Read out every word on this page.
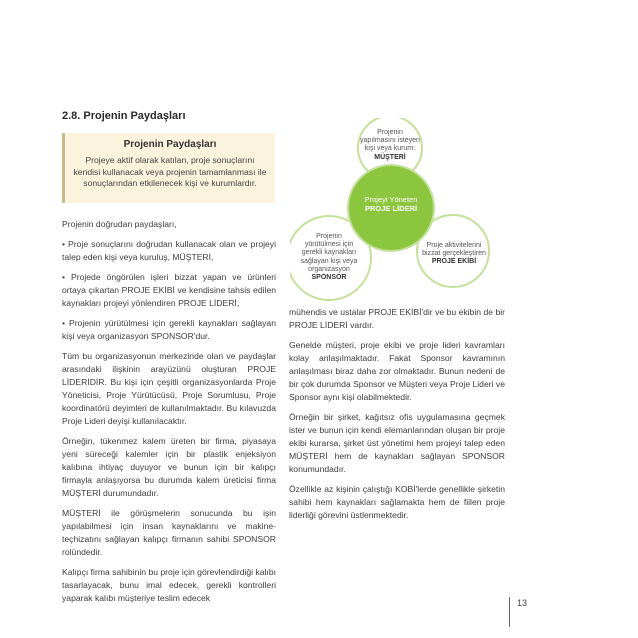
2.8. Projenin Paydaşları

Projenin Paydaşları

Projeye aktif olarak katılan, proje sonuçlarını kendisi kullanacak veya projenin tamamlanması ile sonuçlarından etkilenecek kişi ve kurumlardır.

Projenin yapılmasını isteyen kişi veya kurum:
MÜŞTERİ
Projeyi Yöneten
PROJE LİDERİ
Projenin yürütülmesi için gerekli kaynakları sağlayan kişi veya organizasyon
SPONSOR
Proje aktivitelerini bizzat gerçekleştiren
PROJE EKİBİ

Projenin doğrudan paydaşları,

• Proje sonuçlarını doğrudan kullanacak olan ve projeyi talep eden kişi veya kuruluş, MÜŞTERİ,

• Projede öngörülen işleri bizzat yapan ve ürünleri ortaya çıkartan PROJE EKİBİ ve kendisine tahsis edilen kaynakları projeyi yönlendiren PROJE LİDERİ,

• Projenin yürütülmesi için gerekli kaynakları sağlayan kişi veya organizasyon SPONSOR'dur.

Tüm bu organizasyonun merkezinde olan ve paydaşlar arasındaki ilişkinin arayüzünü oluşturan PROJE LİDERİDİR. Bu kişi için çeşitli organizasyonlarda Proje Yöneticisi, Proje Yürütücüsü, Proje Sorumlusu, Proje koordinatörü deyimleri de kullanılmaktadır. Bu kılavuzda Proje Lideri deyişi kullanılacaktır.

Örneğin, tükenmez kalem üreten bir firma, piyasaya yeni süreceği kalemler için bir plastik enjeksiyon kalıbına ihtiyaç duyuyor ve bunun için bir kalıpçı firmayla anlaşıyorsa bu durumda kalem üreticisi firma MÜŞTERİ durumundadır.

MÜŞTERİ ile görüşmelerin sonucunda bu işin yapılabilmesi için insan kaynaklarını ve makine-teçhizatını sağlayan kalıpçı firmanın sahibi SPONSOR rolündedir.

Kalıpçı firma sahibinin bu proje için görevlendirdiği kalıbı tasarlayacak, bunu imal edecek, gerekli kontrolleri yaparak kalıbı müşteriye teslim edecek

mühendis ve ustalar PROJE EKİBİ'dir ve bu ekibin de bir PROJE LİDERİ vardır.

Genelde müşteri, proje ekibi ve proje lideri kavramları kolay anlaşılmaktadır. Fakat Sponsor kavramının anlaşılması biraz daha zor olmaktadır. Bunun nedeni de bir çok durumda Sponsor ve Müşteri veya Proje Lideri ve Sponsor aynı kişi olabilmektedir.

Örneğin bir şirket, kağıtsız ofis uygulamasına geçmek ister ve bunun için kendi elemanlarından oluşan bir proje ekibi kurarsa, şirket üst yönetimi hem projeyi talep eden MÜŞTERİ hem de kaynakları sağlayan SPONSOR konumundadır.

Özellikle az kişinin çalıştığı KOBİ'lerde genellikle şirketin sahibi hem kaynakları sağlamakta hem de fiilen proje liderliği görevini üstlenmektedir.

13
